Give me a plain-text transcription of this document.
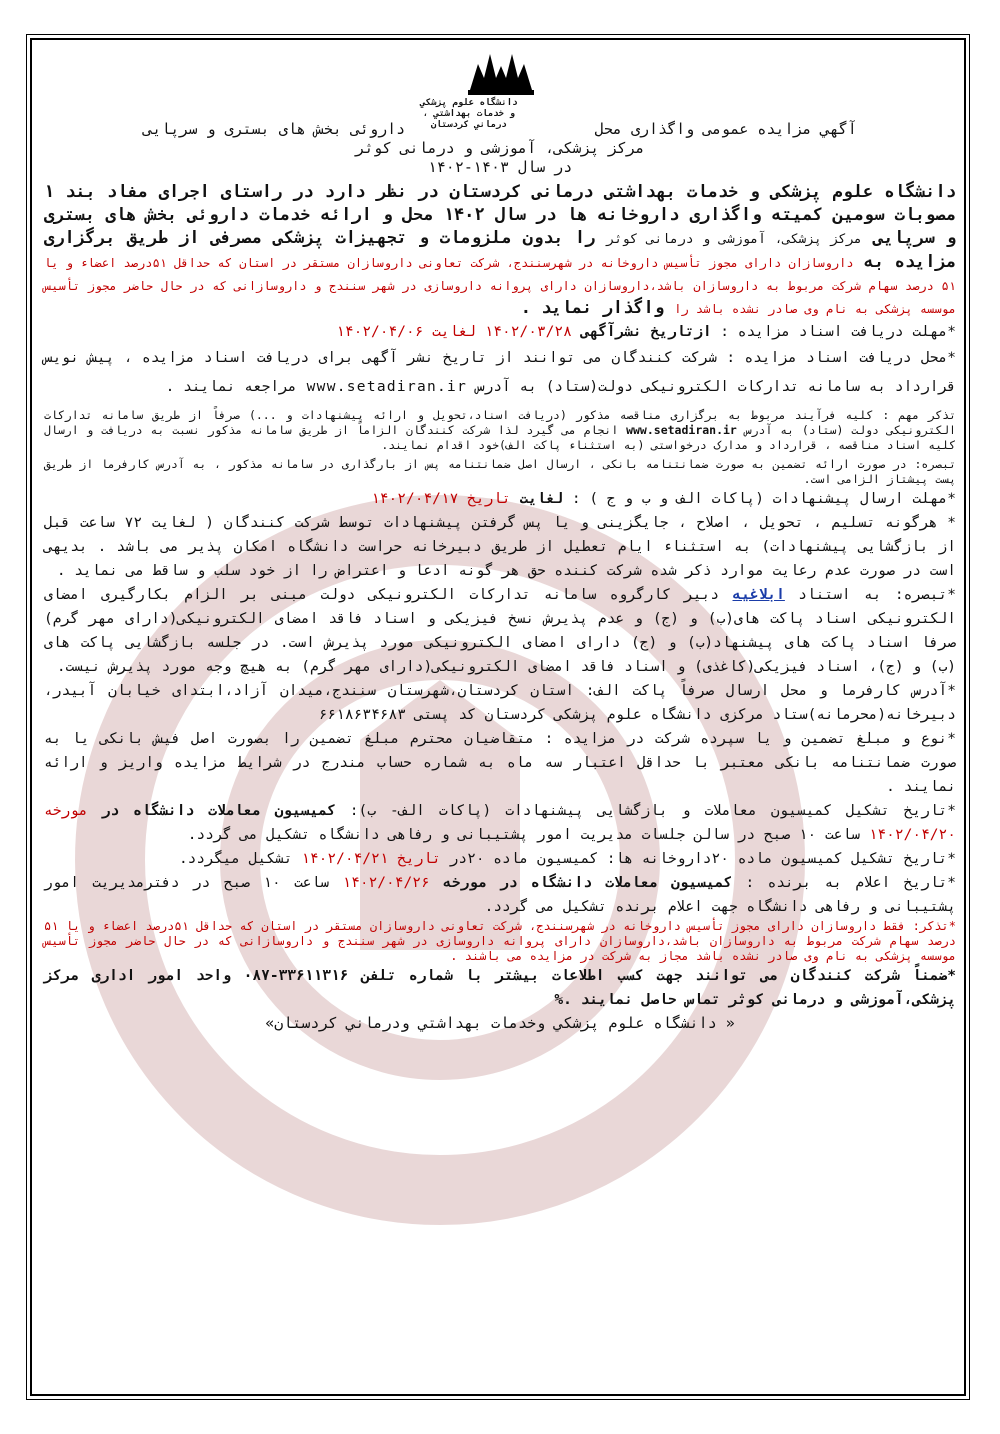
دانشگاه علوم پزشکي
و خدمات بهداشتي ،
درماني کردستان	آگهي مزايده عمومی واگذاری محل                     داروئی بخش های بستری و سرپایی

مرکز پزشکی، آموزشی و درمانی کوثر

در سال ۱۴۰۳-۱۴۰۲

دانشگاه علوم پزشکی و خدمات بهداشتی درمانی کردستان در نظر دارد در راستای اجرای مفاد بند ۱ مصوبات سومین کمیته واگذاری داروخانه ها در سال ۱۴۰۲ محل و ارائه خدمات داروئی بخش های بستری و سرپایی مرکز پزشکی، آموزشی و درمانی کوثر را بدون ملزومات و تجهیزات پزشکی مصرفی از طریق برگزاری مزایده به داروسازان دارای مجوز تأسیس داروخانه در شهرسنندج، شرکت تعاونی داروسازان مستقر در استان که حداقل ۵۱درصد اعضاء و یا ۵۱ درصد سهام شرکت مربوط به داروسازان باشد،داروسازان دارای پروانه داروسازی در شهر سنندج و داروسازانی که در حال حاضر مجوز تأسیس موسسه پزشکی به نام وی صادر نشده باشد را واگذار نماید .

*مهلت دریافت اسناد مزایده : ازتاریخ نشرآگهی ۱۴۰۲/۰۳/۲۸ لغایت ۱۴۰۲/۰۴/۰۶

*محل دریافت اسناد مزایده : شرکت کنندگان می توانند از تاریخ نشر آگهی برای دریافت اسناد مزایده ، پیش نویس قرارداد به سامانه تدارکات الکترونیکی دولت(ستاد) به آدرس www.setadiran.ir مراجعه نمایند .

تذکر مهم : کلیه فرآیند مربوط به برگزاری مناقصه مذکور (دریافت اسناد،تحویل و ارائه پیشنهادات و ...) صرفاً از طریق سامانه تدارکات الکترونیکی دولت (ستاد) به آدرس www.setadiran.ir انجام می گیرد لذا شرکت کنندگان الزاماً از طریق سامانه مذکور نسبت به دریافت و ارسال کلیه اسناد مناقصه ، قرارداد و مدارک درخواستی (به استثناء پاکت الف)خود اقدام نمایند.

تبصره: در صورت ارائه تضمین به صورت ضمانتنامه بانکی ، ارسال اصل ضمانتنامه پس از بارگذاری در سامانه مذکور ، به آدرس کارفرما از طریق پست پیشتاز الزامی است.

*مهلت ارسال پیشنهادات (پاکات الف و ب و ج ) : لغایت تاریخ ۱۴۰۲/۰۴/۱۷

* هرگونه تسلیم ، تحویل ، اصلاح ، جایگزینی و یا پس گرفتن پیشنهادات توسط شرکت کنندگان ( لغایت ۷۲ ساعت قبل از بازگشایی پیشنهادات) به استثناء ایام تعطیل از طریق دبیرخانه حراست دانشگاه امکان پذیر می باشد . بدیهی است در صورت عدم رعایت موارد ذکر شده شرکت کننده حق هر گونه ادعا و اعتراض را از خود سلب و ساقط می نماید .

*تبصره: به استناد ابلاغیه دبیر کارگروه سامانه تدارکات الکترونیکی دولت مبنی بر الزام بکارگیری امضای الکترونیکی اسناد پاکت های(ب) و (ج) و عدم پذیرش نسخ فیزیکی و اسناد فاقد امضای الکترونیکی(دارای مهر گرم) صرفا اسناد پاکت های پیشنهاد(ب) و (ج) دارای امضای الکترونیکی مورد پذیرش است. در جلسه بازگشایی پاکت های (ب) و (ج)، اسناد فیزیکی(کاغذی) و اسناد فاقد امضای الکترونیکی(دارای مهر گرم) به هیچ وجه مورد پذیرش نیست.

*آدرس کارفرما و محل ارسال صرفاً پاکت الف: استان کردستان،شهرستان سنندج،میدان آزاد،ابتدای خیابان آبیدر، دبیرخانه(محرمانه)ستاد مرکزی دانشگاه علوم پزشکی کردستان کد پستی ۶۶۱۸۶۳۴۶۸۳

*نوع و مبلغ تضمین و یا سپرده شرکت در مزایده : متقاضیان محترم مبلغ تضمین را بصورت اصل فیش بانکی یا به صورت ضمانتنامه بانکی معتبر با حداقل اعتبار سه ماه به شماره حساب مندرج در شرایط مزایده واریز و ارائه نمایند .

*تاریخ تشکیل کمیسیون معاملات و بازگشایی پیشنهادات (پاکات الف- ب): کمیسیون معاملات دانشگاه در مورخه ۱۴۰۲/۰۴/۲۰ ساعت ۱۰ صبح در سالن جلسات مدیریت امور پشتیبانی و رفاهی دانشگاه تشکیل می گردد.

*تاریخ تشکیل کمیسیون ماده ۲۰داروخانه ها: کمیسیون ماده ۲۰در تاریخ ۱۴۰۲/۰۴/۲۱ تشکیل میگردد.

*تاریخ اعلام به برنده : کمیسیون معاملات دانشگاه در مورخه ۱۴۰۲/۰۴/۲۶ ساعت ۱۰ صبح در دفترمدیریت امور پشتیبانی و رفاهی دانشگاه جهت اعلام برنده تشکیل می گردد.

*تذکر: فقط داروسازان دارای مجوز تأسیس داروخانه در شهرسنندج، شرکت تعاونی داروسازان مستقر در استان که حداقل ۵۱درصد اعضاء و یا ۵۱ درصد سهام شرکت مربوط به داروسازان باشد،داروسازان دارای پروانه داروسازی در شهر سنندج و داروسازانی که در حال حاضر مجوز تأسیس موسسه پزشکی به نام وی صادر نشده باشد مجاز به شرکت در مزایده می باشند .

*ضمناً شرکت کنندگان می توانند جهت کسب اطلاعات بیشتر با شماره تلفن ۳۳۶۱۱۳۱۶-۰۸۷ واحد امور اداری مرکز پزشکی،آموزشی و درمانی کوثر تماس حاصل نمایند .%

« دانشگاه علوم پزشكي وخدمات بهداشتي ودرماني كردستان»
